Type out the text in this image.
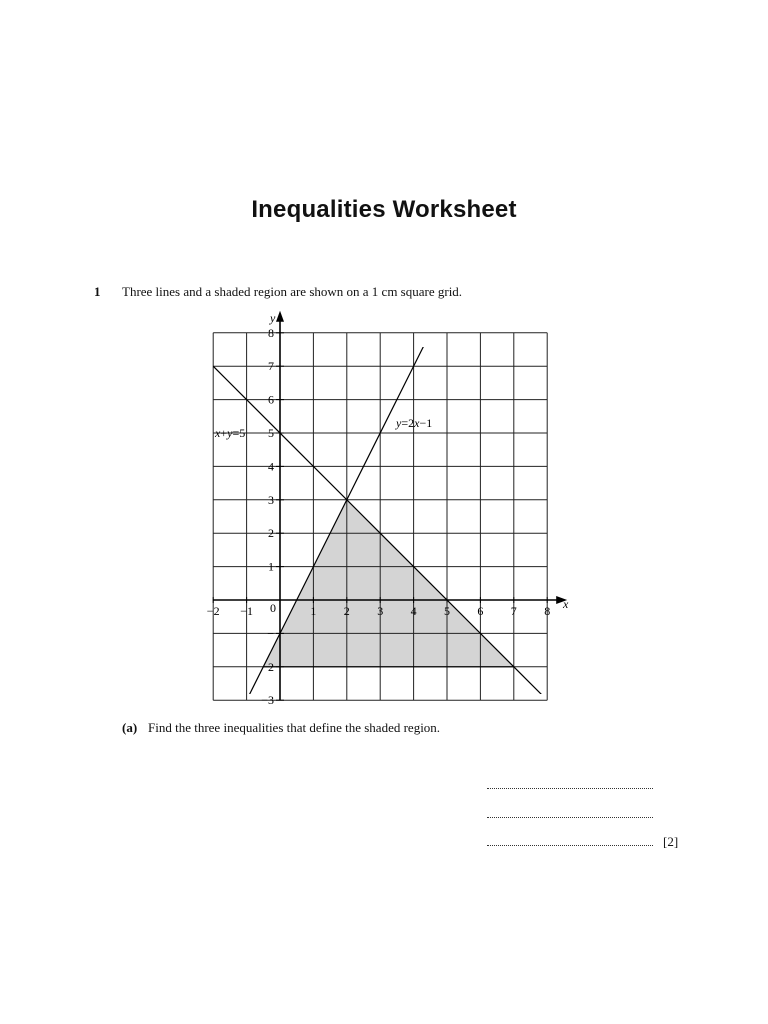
Inequalities Worksheet
1 Three lines and a shaded region are shown on a 1 cm square grid.
−2 −1	1 2 3 4 5 6 7 8
8
7
6
5
4
3
2
1
−
2
−3
x
y
0
y=2x−1
x+y=5
(a) Find the three inequalities that define the shaded region.
[2]
